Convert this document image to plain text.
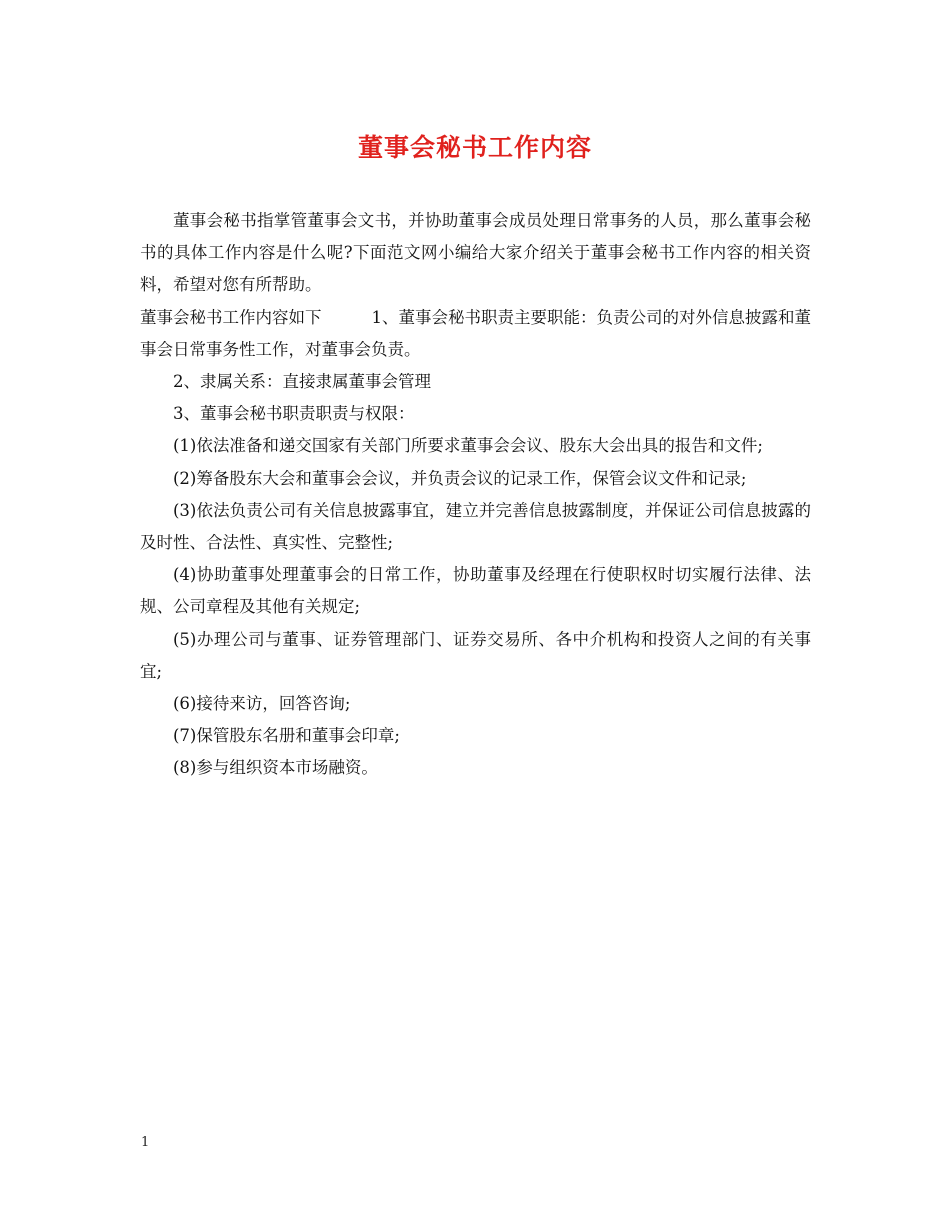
董事会秘书工作内容

董事会秘书指掌管董事会文书，并协助董事会成员处理日常事务的人员，那么董事会秘书的具体工作内容是什么呢?下面范文网小编给大家介绍关于董事会秘书工作内容的相关资料，希望对您有所帮助。

董事会秘书工作内容如下	1、董事会秘书职责主要职能：负责公司的对外信息披露和董事会日常事务性工作，对董事会负责。

2、隶属关系：直接隶属董事会管理

3、董事会秘书职责职责与权限：

(1)依法准备和递交国家有关部门所要求董事会会议、股东大会出具的报告和文件;

(2)筹备股东大会和董事会会议，并负责会议的记录工作，保管会议文件和记录;

(3)依法负责公司有关信息披露事宜，建立并完善信息披露制度，并保证公司信息披露的及时性、合法性、真实性、完整性;

(4)协助董事处理董事会的日常工作，协助董事及经理在行使职权时切实履行法律、法规、公司章程及其他有关规定;

(5)办理公司与董事、证券管理部门、证券交易所、各中介机构和投资人之间的有关事宜;

(6)接待来访，回答咨询;

(7)保管股东名册和董事会印章;

(8)参与组织资本市场融资。

1
